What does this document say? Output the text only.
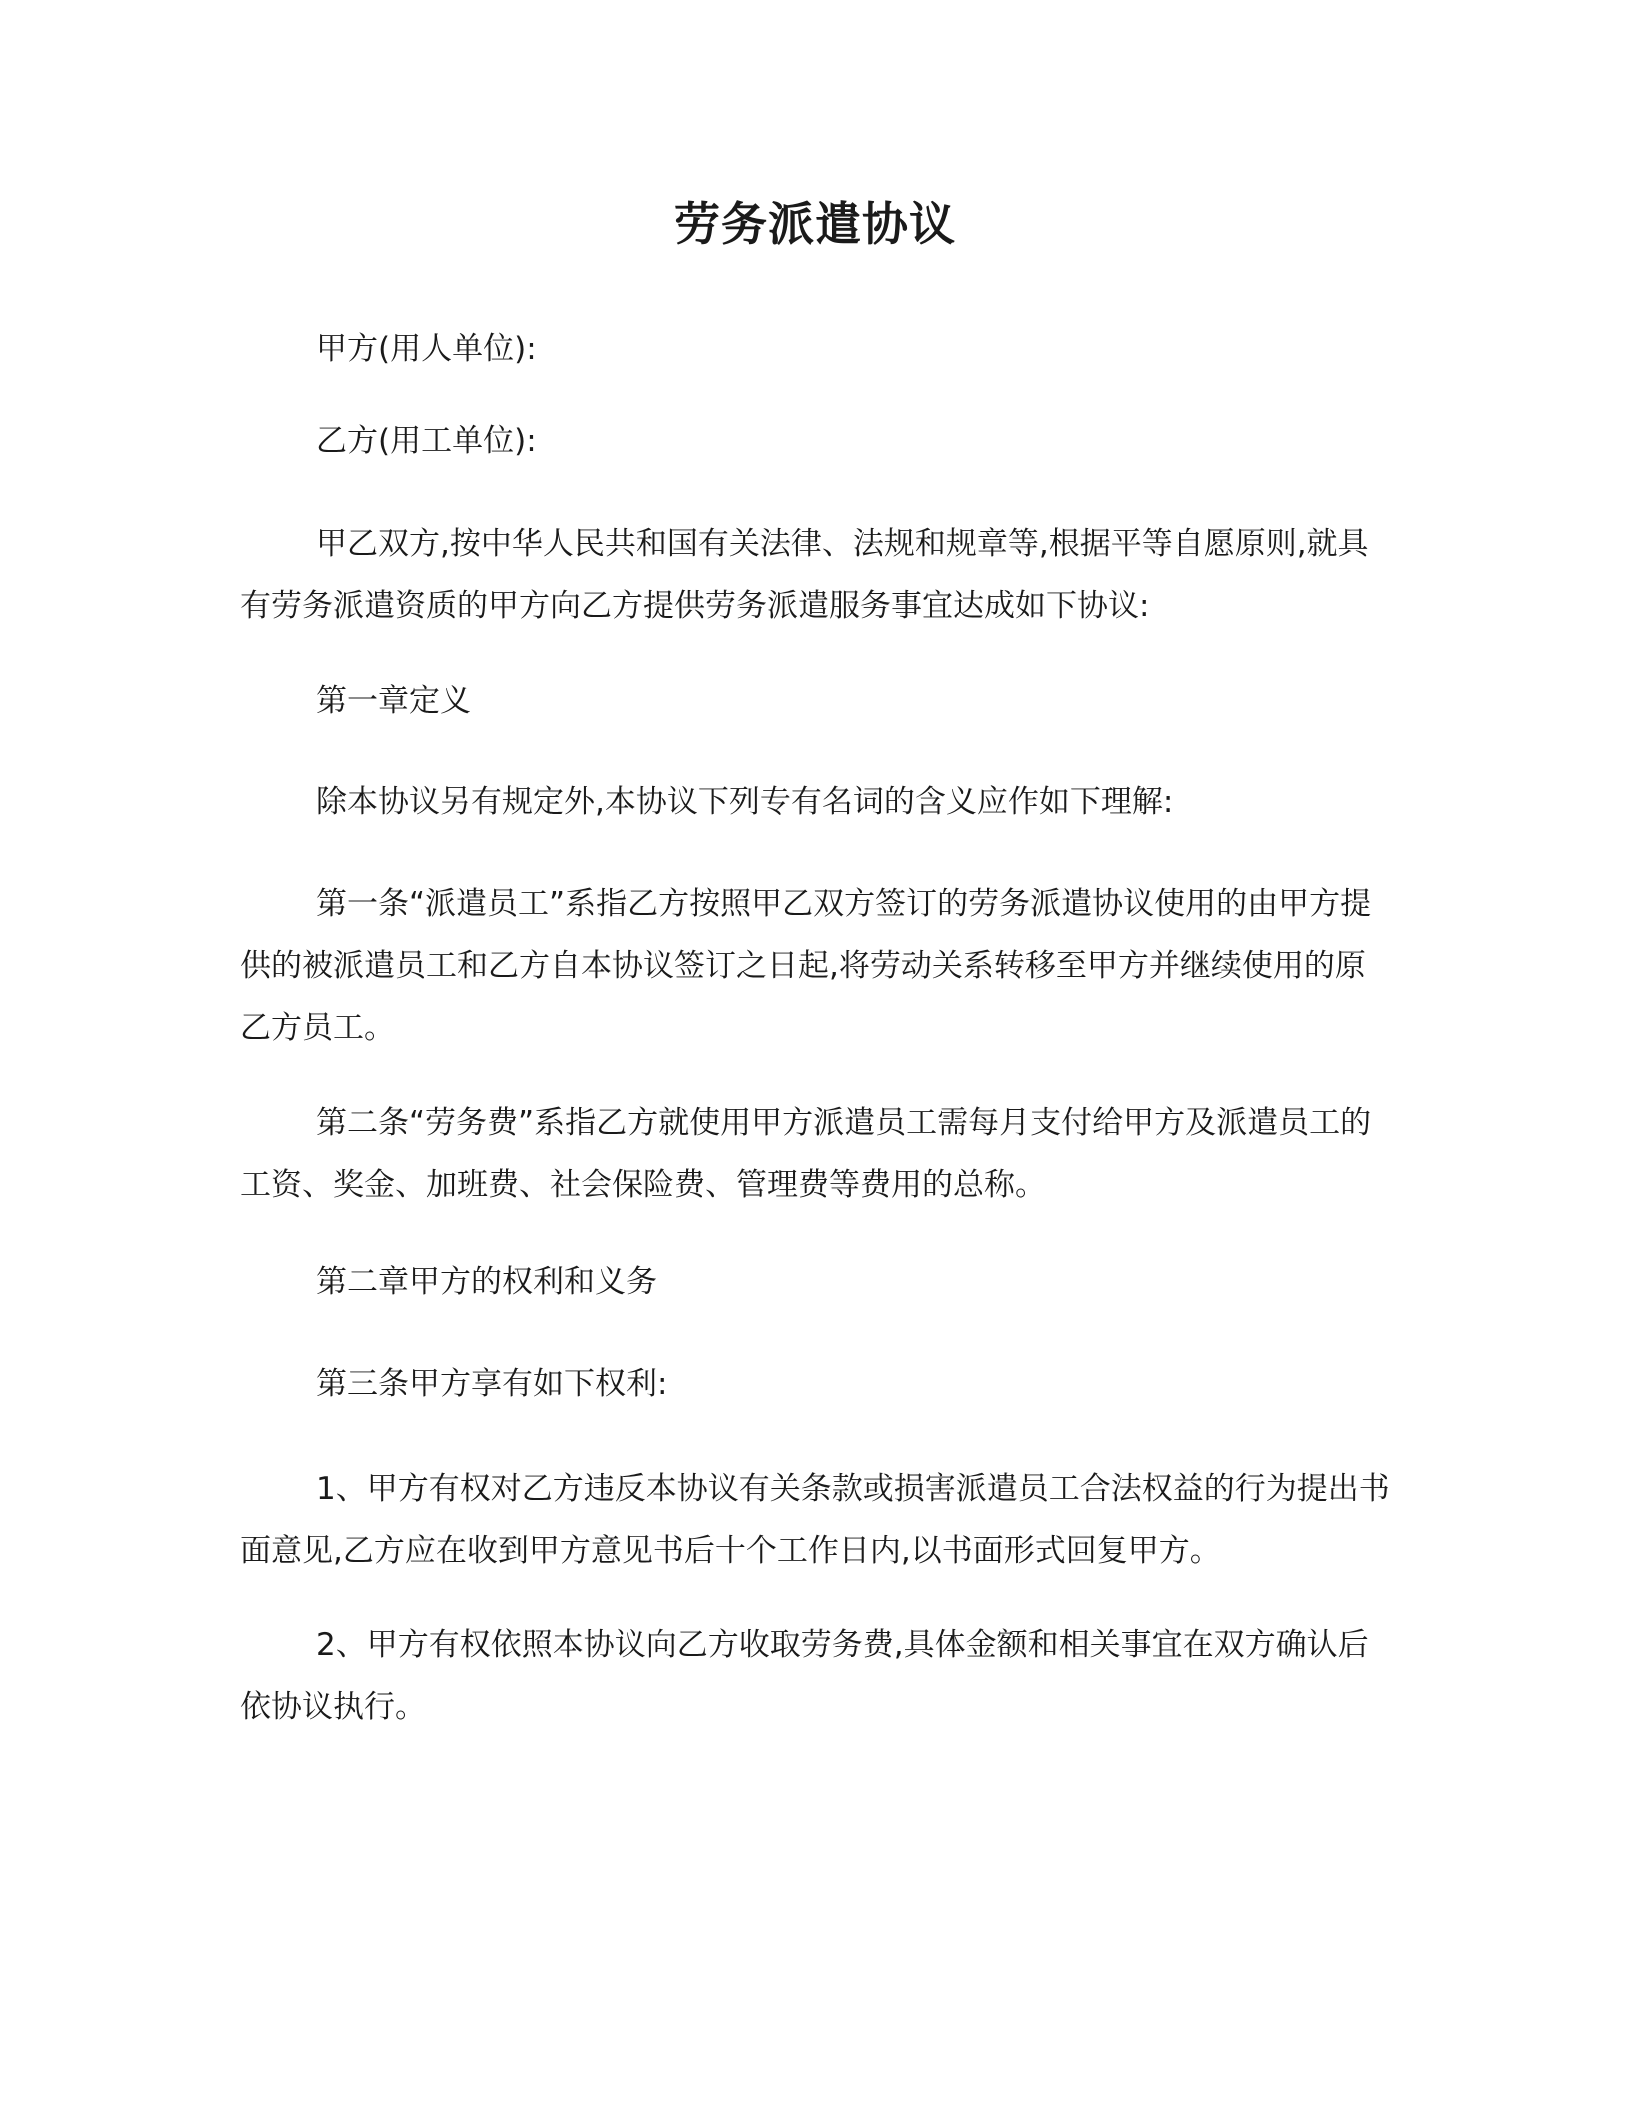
劳务派遣协议

甲方(用人单位):

乙方(用工单位):

甲乙双方,按中华人民共和国有关法律、法规和规章等,根据平等自愿原则,就具有劳务派遣资质的甲方向乙方提供劳务派遣服务事宜达成如下协议:

第一章定义

除本协议另有规定外,本协议下列专有名词的含义应作如下理解:

第一条“派遣员工”系指乙方按照甲乙双方签订的劳务派遣协议使用的由甲方提供的被派遣员工和乙方自本协议签订之日起,将劳动关系转移至甲方并继续使用的原乙方员工。

第二条“劳务费”系指乙方就使用甲方派遣员工需每月支付给甲方及派遣员工的工资、奖金、加班费、社会保险费、管理费等费用的总称。

第二章甲方的权利和义务

第三条甲方享有如下权利:

1、甲方有权对乙方违反本协议有关条款或损害派遣员工合法权益的行为提出书面意见,乙方应在收到甲方意见书后十个工作日内,以书面形式回复甲方。

2、甲方有权依照本协议向乙方收取劳务费,具体金额和相关事宜在双方确认后依协议执行。
